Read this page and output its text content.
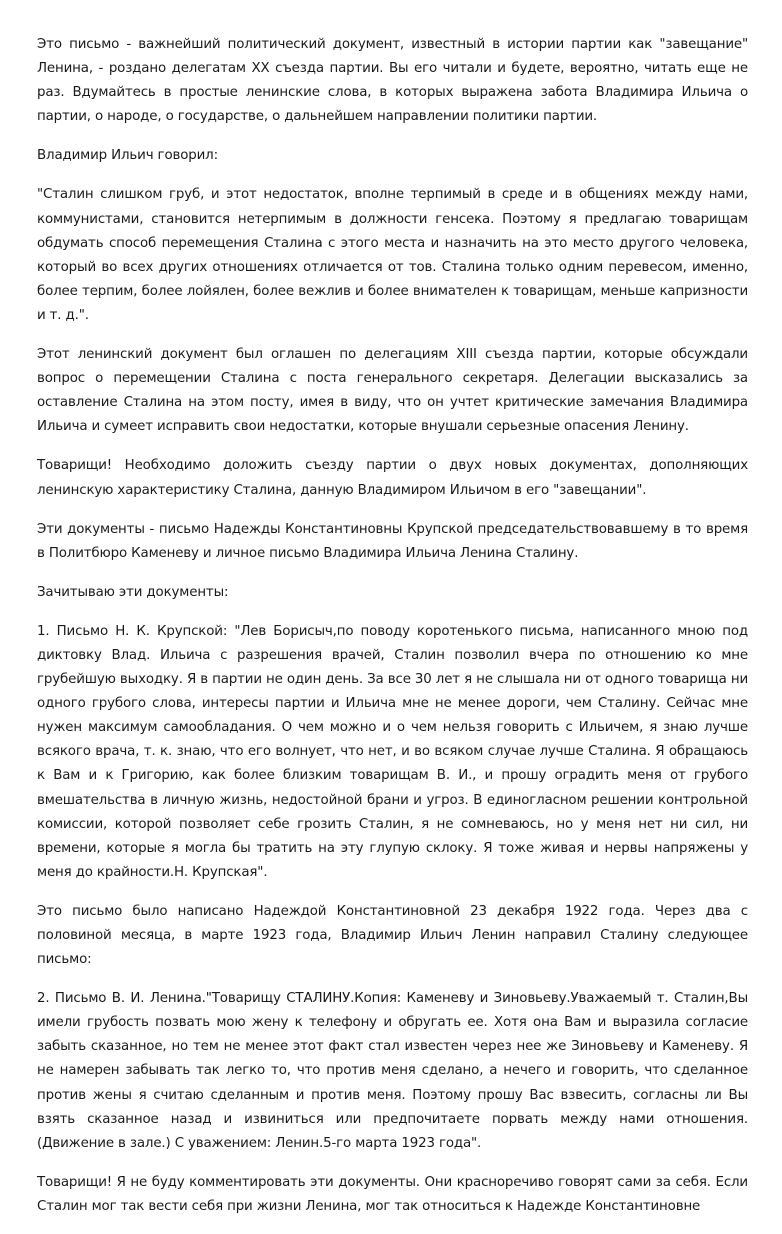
Это письмо - важнейший политический документ, известный в истории партии как "завещание" Ленина, - роздано делегатам XX съезда партии. Вы его читали и будете, вероятно, читать еще не раз. Вдумайтесь в простые ленинские слова, в которых выражена забота Владимира Ильича о партии, о народе, о государстве, о дальнейшем направлении политики партии.

Владимир Ильич говорил:

"Сталин слишком груб, и этот недостаток, вполне терпимый в среде и в общениях между нами, коммунистами, становится нетерпимым в должности генсека. Поэтому я предлагаю товарищам обдумать способ перемещения Сталина с этого места и назначить на это место другого человека, который во всех других отношениях отличается от тов. Сталина только одним перевесом, именно, более терпим, более лойялен, более вежлив и более внимателен к товарищам, меньше капризности и т. д.".

Этот ленинский документ был оглашен по делегациям XIII съезда партии, которые обсуждали вопрос о перемещении Сталина с поста генерального секретаря. Делегации высказались за оставление Сталина на этом посту, имея в виду, что он учтет критические замечания Владимира Ильича и сумеет исправить свои недостатки, которые внушали серьезные опасения Ленину.

Товарищи! Необходимо доложить съезду партии о двух новых документах, дополняющих ленинскую характеристику Сталина, данную Владимиром Ильичом в его "завещании".

Эти документы - письмо Надежды Константиновны Крупской председательствовавшему в то время в Политбюро Каменеву и личное письмо Владимира Ильича Ленина Сталину.

Зачитываю эти документы:

1. Письмо Н. К. Крупской: "Лев Борисыч,по поводу коротенького письма, написанного мною под диктовку Влад. Ильича с разрешения врачей, Сталин позволил вчера по отношению ко мне грубейшую выходку. Я в партии не один день. За все 30 лет я не слышала ни от одного товарища ни одного грубого слова, интересы партии и Ильича мне не менее дороги, чем Сталину. Сейчас мне нужен максимум самообладания. О чем можно и о чем нельзя говорить с Ильичем, я знаю лучше всякого врача, т. к. знаю, что его волнует, что нет, и во всяком случае лучше Сталина. Я обращаюсь к Вам и к Григорию, как более близким товарищам В. И., и прошу оградить меня от грубого вмешательства в личную жизнь, недостойной брани и угроз. В единогласном решении контрольной комиссии, которой позволяет себе грозить Сталин, я не сомневаюсь, но у меня нет ни сил, ни времени, которые я могла бы тратить на эту глупую склоку. Я тоже живая и нервы напряжены у меня до крайности.Н. Крупская".

Это письмо было написано Надеждой Константиновной 23 декабря 1922 года. Через два с половиной месяца, в марте 1923 года, Владимир Ильич Ленин направил Сталину следующее письмо:

2. Письмо В. И. Ленина."Товарищу СТАЛИНУ.Копия: Каменеву и Зиновьеву.Уважаемый т. Сталин,Вы имели грубость позвать мою жену к телефону и обругать ее. Хотя она Вам и выразила согласие забыть сказанное, но тем не менее этот факт стал известен через нее же Зиновьеву и Каменеву. Я не намерен забывать так легко то, что против меня сделано, а нечего и говорить, что сделанное против жены я считаю сделанным и против меня. Поэтому прошу Вас взвесить, согласны ли Вы взять сказанное назад и извиниться или предпочитаете порвать между нами отношения. (Движение в зале.) С уважением: Ленин.5-го марта 1923 года".

Товарищи! Я не буду комментировать эти документы. Они красноречиво говорят сами за себя. Если Сталин мог так вести себя при жизни Ленина, мог так относиться к Надежде Константиновне
